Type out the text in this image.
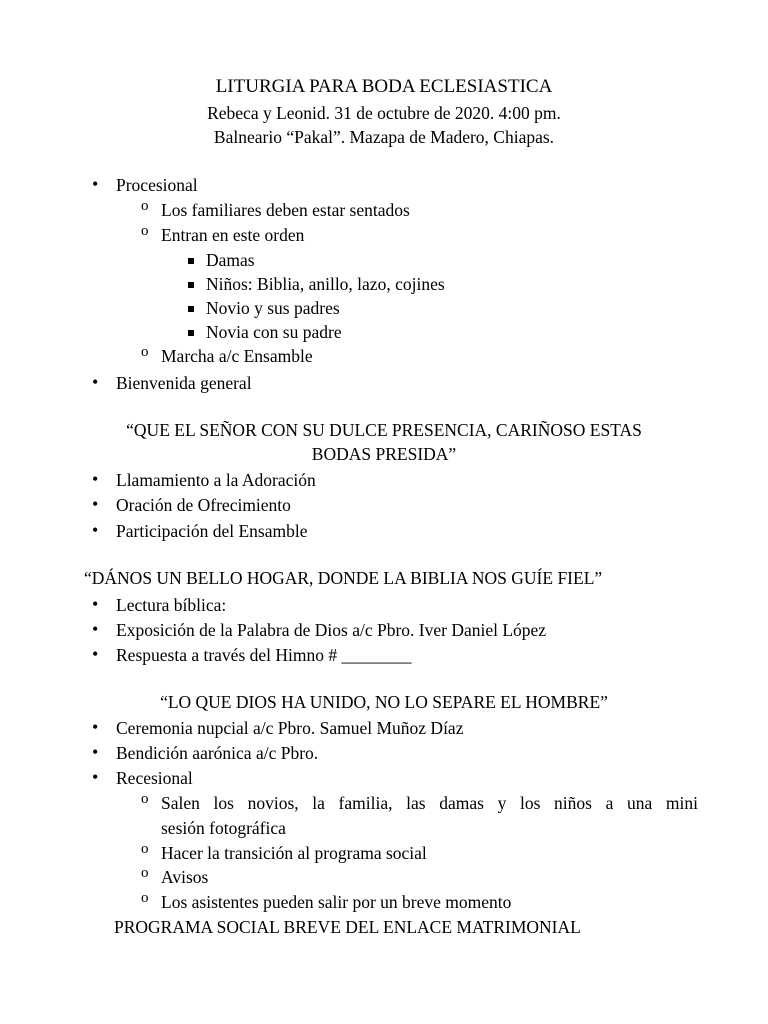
LITURGIA PARA BODA ECLESIASTICA
Rebeca y Leonid. 31 de octubre de 2020. 4:00 pm.
Balneario “Pakal”. Mazapa de Madero, Chiapas.
• Procesional
o Los familiares deben estar sentados
o Entran en este orden
Damas
Niños: Biblia, anillo, lazo, cojines
Novio y sus padres
Novia con su padre
o Marcha a/c Ensamble
• Bienvenida general
“QUE EL SEÑOR CON SU DULCE PRESENCIA, CARIÑOSO ESTAS
BODAS PRESIDA”
• Llamamiento a la Adoración
• Oración de Ofrecimiento
• Participación del Ensamble
“DÁNOS UN BELLO HOGAR, DONDE LA BIBLIA NOS GUÍE FIEL”
• Lectura bíblica:
• Exposición de la Palabra de Dios a/c Pbro. Iver Daniel López
• Respuesta a través del Himno # ________
“LO QUE DIOS HA UNIDO, NO LO SEPARE EL HOMBRE”
• Ceremonia nupcial a/c Pbro. Samuel Muñoz Díaz
• Bendición aarónica a/c Pbro.
• Recesional
o Salen los novios, la familia, las damas y los niños a una mini
sesión fotográfica
o Hacer la transición al programa social
o Avisos
o Los asistentes pueden salir por un breve momento
PROGRAMA SOCIAL BREVE DEL ENLACE MATRIMONIAL
